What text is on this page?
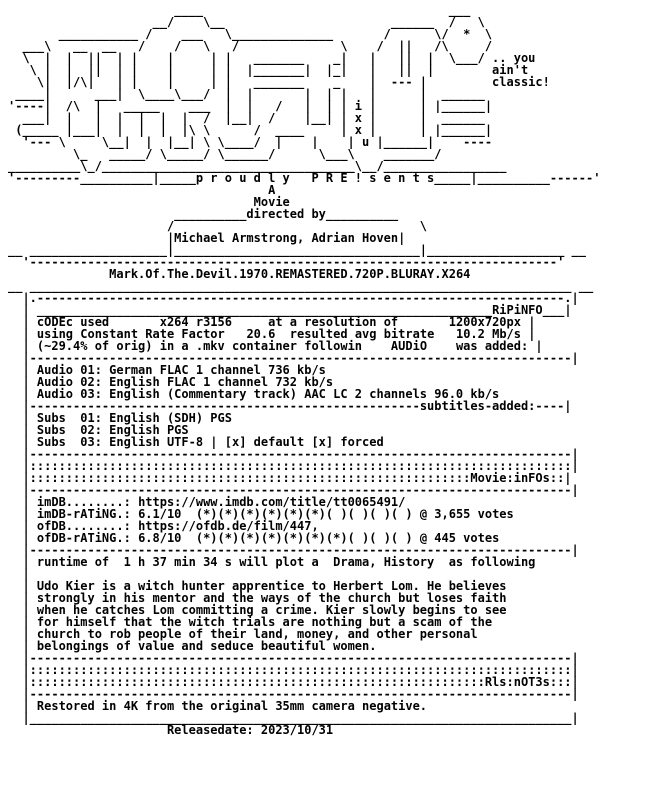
____                                  ___
__/    \__                       ______  /   \
___________ /    ___   \______________       /      \/  *  \
___\   __  __   /    /   \   /              \    /  ||   /\     /
\  |  |  ||  | |    |     | |   _______    _|   |   ||  |  \___/ .. you
\ |  |  ||  | |    |     | |  |_______|  |_|   |   ||  |        ain't
\|  |/\|   | |    |     | |   _______    _    |  --- |         classic!
____|      ___|  \____\___/  |  |       |  | |   |      |  ______
'----|  /\  |   _____    ___  |  |   /   |  | | i |      | |______|
___|  |   |  |  |  |  |  /  |__|  /    |__| | x |      |  ______
(_____ |___|  |  |  |  |\ \      /  ____     | x |      | |______|
'--- \     \__|  |  |__| \ \____/  |    |    | u |______|    ----
\_   _____/ \_____/ \______/      \___\    _______/
__________\_/___________________________________\__/_________________
'---------__________|_____p r o u d l y   P R E ! s e n t s_____|__________------'
A
Movie
__________directed by__________
/                                  \
|Michael Armstrong, Adrian Hoven|
__ ___________________|__________________________________|___________________ __
'-------------------------------------------------------------------------'
Mark.Of.The.Devil.1970.REMASTERED.720P.BLURAY.X264
__ ___________________________________________________________________________ __
|.-------------------------------------------------------------------------.|
| _______________________________________________________________RiPiNFO___|
| cODEc used	x264 r3156	at a resolution of	1200x720px |
| using Constant Rate Factor 20.6 resulted avg bitrate 10.2 Mb/s |
| (~29.4% of orig) in a .mkv container followin AUDiO was added: |
|---------------------------------------------------------------------------|
| Audio 01: German FLAC 1 channel 736 kb/s
| Audio 02: English FLAC 1 channel 732 kb/s
| Audio 03: English (Commentary track) AAC LC 2 channels 96.0 kb/s
|------------------------------------------------------subtitles-added:----|
| Subs  01: English (SDH) PGS
| Subs  02: English PGS
| Subs  03: English UTF-8 | [x] default [x] forced
|---------------------------------------------------------------------------|
|:::::::::::::::::::::::::::::::::::::::::::::::::::::::::::::::::::::::::::|
|:::::::::::::::::::::::::::::::::::::::::::::::::::::::::::::Movie:inFOs::|
|---------------------------------------------------------------------------|
| imDB........: https://www.imdb.com/title/tt0065491/
| imDB-rATiNG.: 6.1/10  (*)(*)(*)(*)(*)(*)( )( )( )( ) @ 3,655 votes
| ofDB........: https://ofdb.de/film/447,
| ofDB-rATiNG.: 6.8/10  (*)(*)(*)(*)(*)(*)(*)( )( )( ) @ 445 votes
|---------------------------------------------------------------------------|
| runtime of  1 h 37 min 34 s will plot a  Drama, History  as following
|
| Udo Kier is a witch hunter apprentice to Herbert Lom. He believes
| strongly in his mentor and the ways of the church but loses faith
| when he catches Lom committing a crime. Kier slowly begins to see
| for himself that the witch trials are nothing but a scam of the
| church to rob people of their land, money, and other personal
| belongings of value and seduce beautiful women.
|---------------------------------------------------------------------------|
|:::::::::::::::::::::::::::::::::::::::::::::::::::::::::::::::::::::::::::|
|:::::::::::::::::::::::::::::::::::::::::::::::::::::::::::::::Rls:nOT3s:::|
|---------------------------------------------------------------------------|
| Restored in 4K from the original 35mm camera negative.
|___________________________________________________________________________|
Releasedate: 2023/10/31
